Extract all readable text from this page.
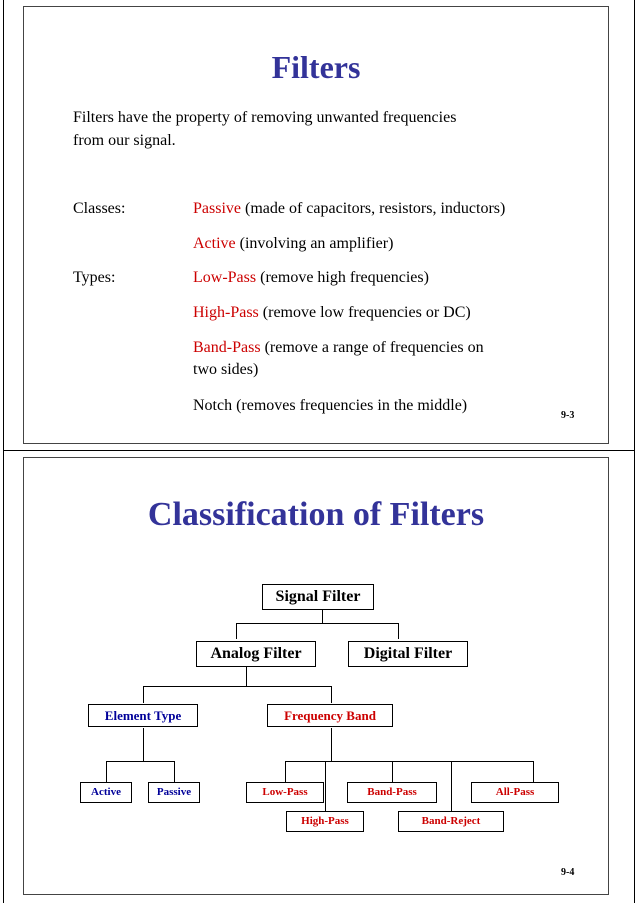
Filters
Filters have the property of removing unwanted frequencies
from our signal.
Classes:	Passive (made of capacitors, resistors, inductors)
Active (involving an amplifier)
Types:	Low-Pass (remove high frequencies)
High-Pass (remove low frequencies or DC)
Band-Pass (remove a range of frequencies on
two sides)
Notch (removes frequencies in the middle)
9-3
Classification of Filters
Signal Filter
Analog Filter	Digital Filter
Element Type	Frequency Band
Active	Passive	Low-Pass	Band-Pass	All-Pass
High-Pass	Band-Reject
9-4
